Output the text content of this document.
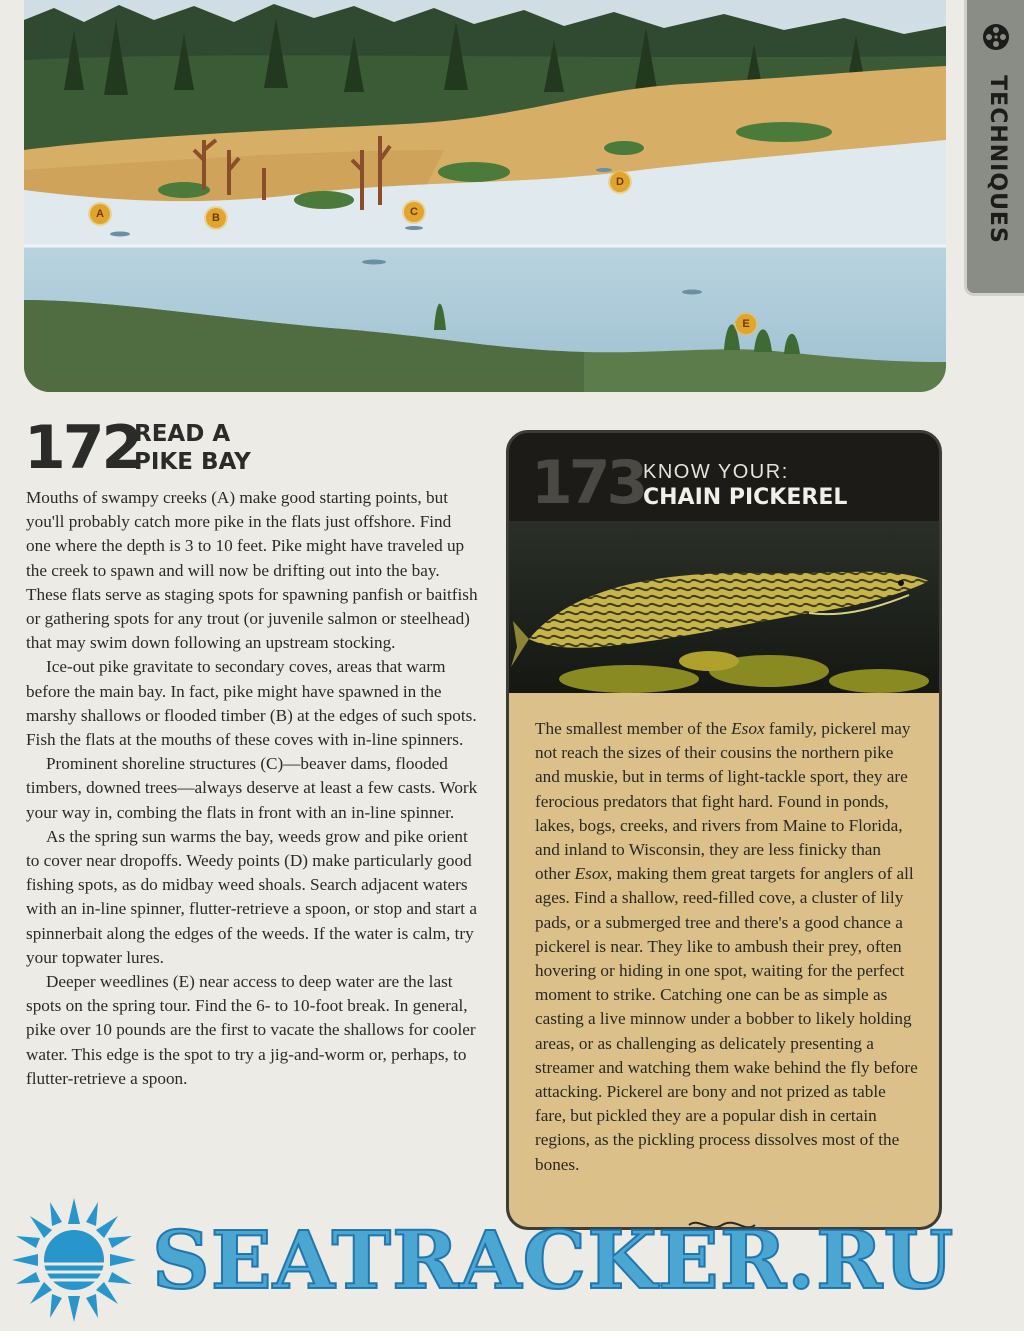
A	B	C
D
E
TECHNIQUES
172
READ A
PIKE BAY

Mouths of swampy creeks (A) make good starting points, but you'll probably catch more pike in the flats just offshore. Find one where the depth is 3 to 10 feet. Pike might have traveled up the creek to spawn and will now be drifting out into the bay. These flats serve as staging spots for spawning panfish or baitfish or gathering spots for any trout (or juvenile salmon or steelhead) that may swim down following an upstream stocking.

Ice-out pike gravitate to secondary coves, areas that warm before the main bay. In fact, pike might have spawned in the marshy shallows or flooded timber (B) at the edges of such spots. Fish the flats at the mouths of these coves with in-line spinners.

Prominent shoreline structures (C)—beaver dams, flooded timbers, downed trees—always deserve at least a few casts. Work your way in, combing the flats in front with an in-line spinner.

As the spring sun warms the bay, weeds grow and pike orient to cover near dropoffs. Weedy points (D) make particularly good fishing spots, as do midbay weed shoals. Search adjacent waters with an in-line spinner, flutter-retrieve a spoon, or stop and start a spinnerbait along the edges of the weeds. If the water is calm, try your topwater lures.

Deeper weedlines (E) near access to deep water are the last spots on the spring tour. Find the 6- to 10-foot break. In general, pike over 10 pounds are the first to vacate the shallows for cooler water. This edge is the spot to try a jig-and-worm or, perhaps, to flutter-retrieve a spoon.

173
KNOW YOUR:
CHAIN PICKEREL
The smallest member of the Esox family, pickerel may not reach the sizes of their cousins the northern pike and muskie, but in terms of light-tackle sport, they are ferocious predators that fight hard. Found in ponds, lakes, bogs, creeks, and rivers from Maine to Florida, and inland to Wisconsin, they are less finicky than other Esox, making them great targets for anglers of all ages. Find a shallow, reed-filled cove, a cluster of lily pads, or a submerged tree and there's a good chance a pickerel is near. They like to ambush their prey, often hovering or hiding in one spot, waiting for the perfect moment to strike. Catching one can be as simple as casting a live minnow under a bobber to likely holding areas, or as challenging as delicately presenting a streamer and watching them wake behind the fly before attacking. Pickerel are bony and not prized as table fare, but pickled they are a popular dish in certain regions, as the pickling process dissolves most of the bones.
SEATRACKER.RU
